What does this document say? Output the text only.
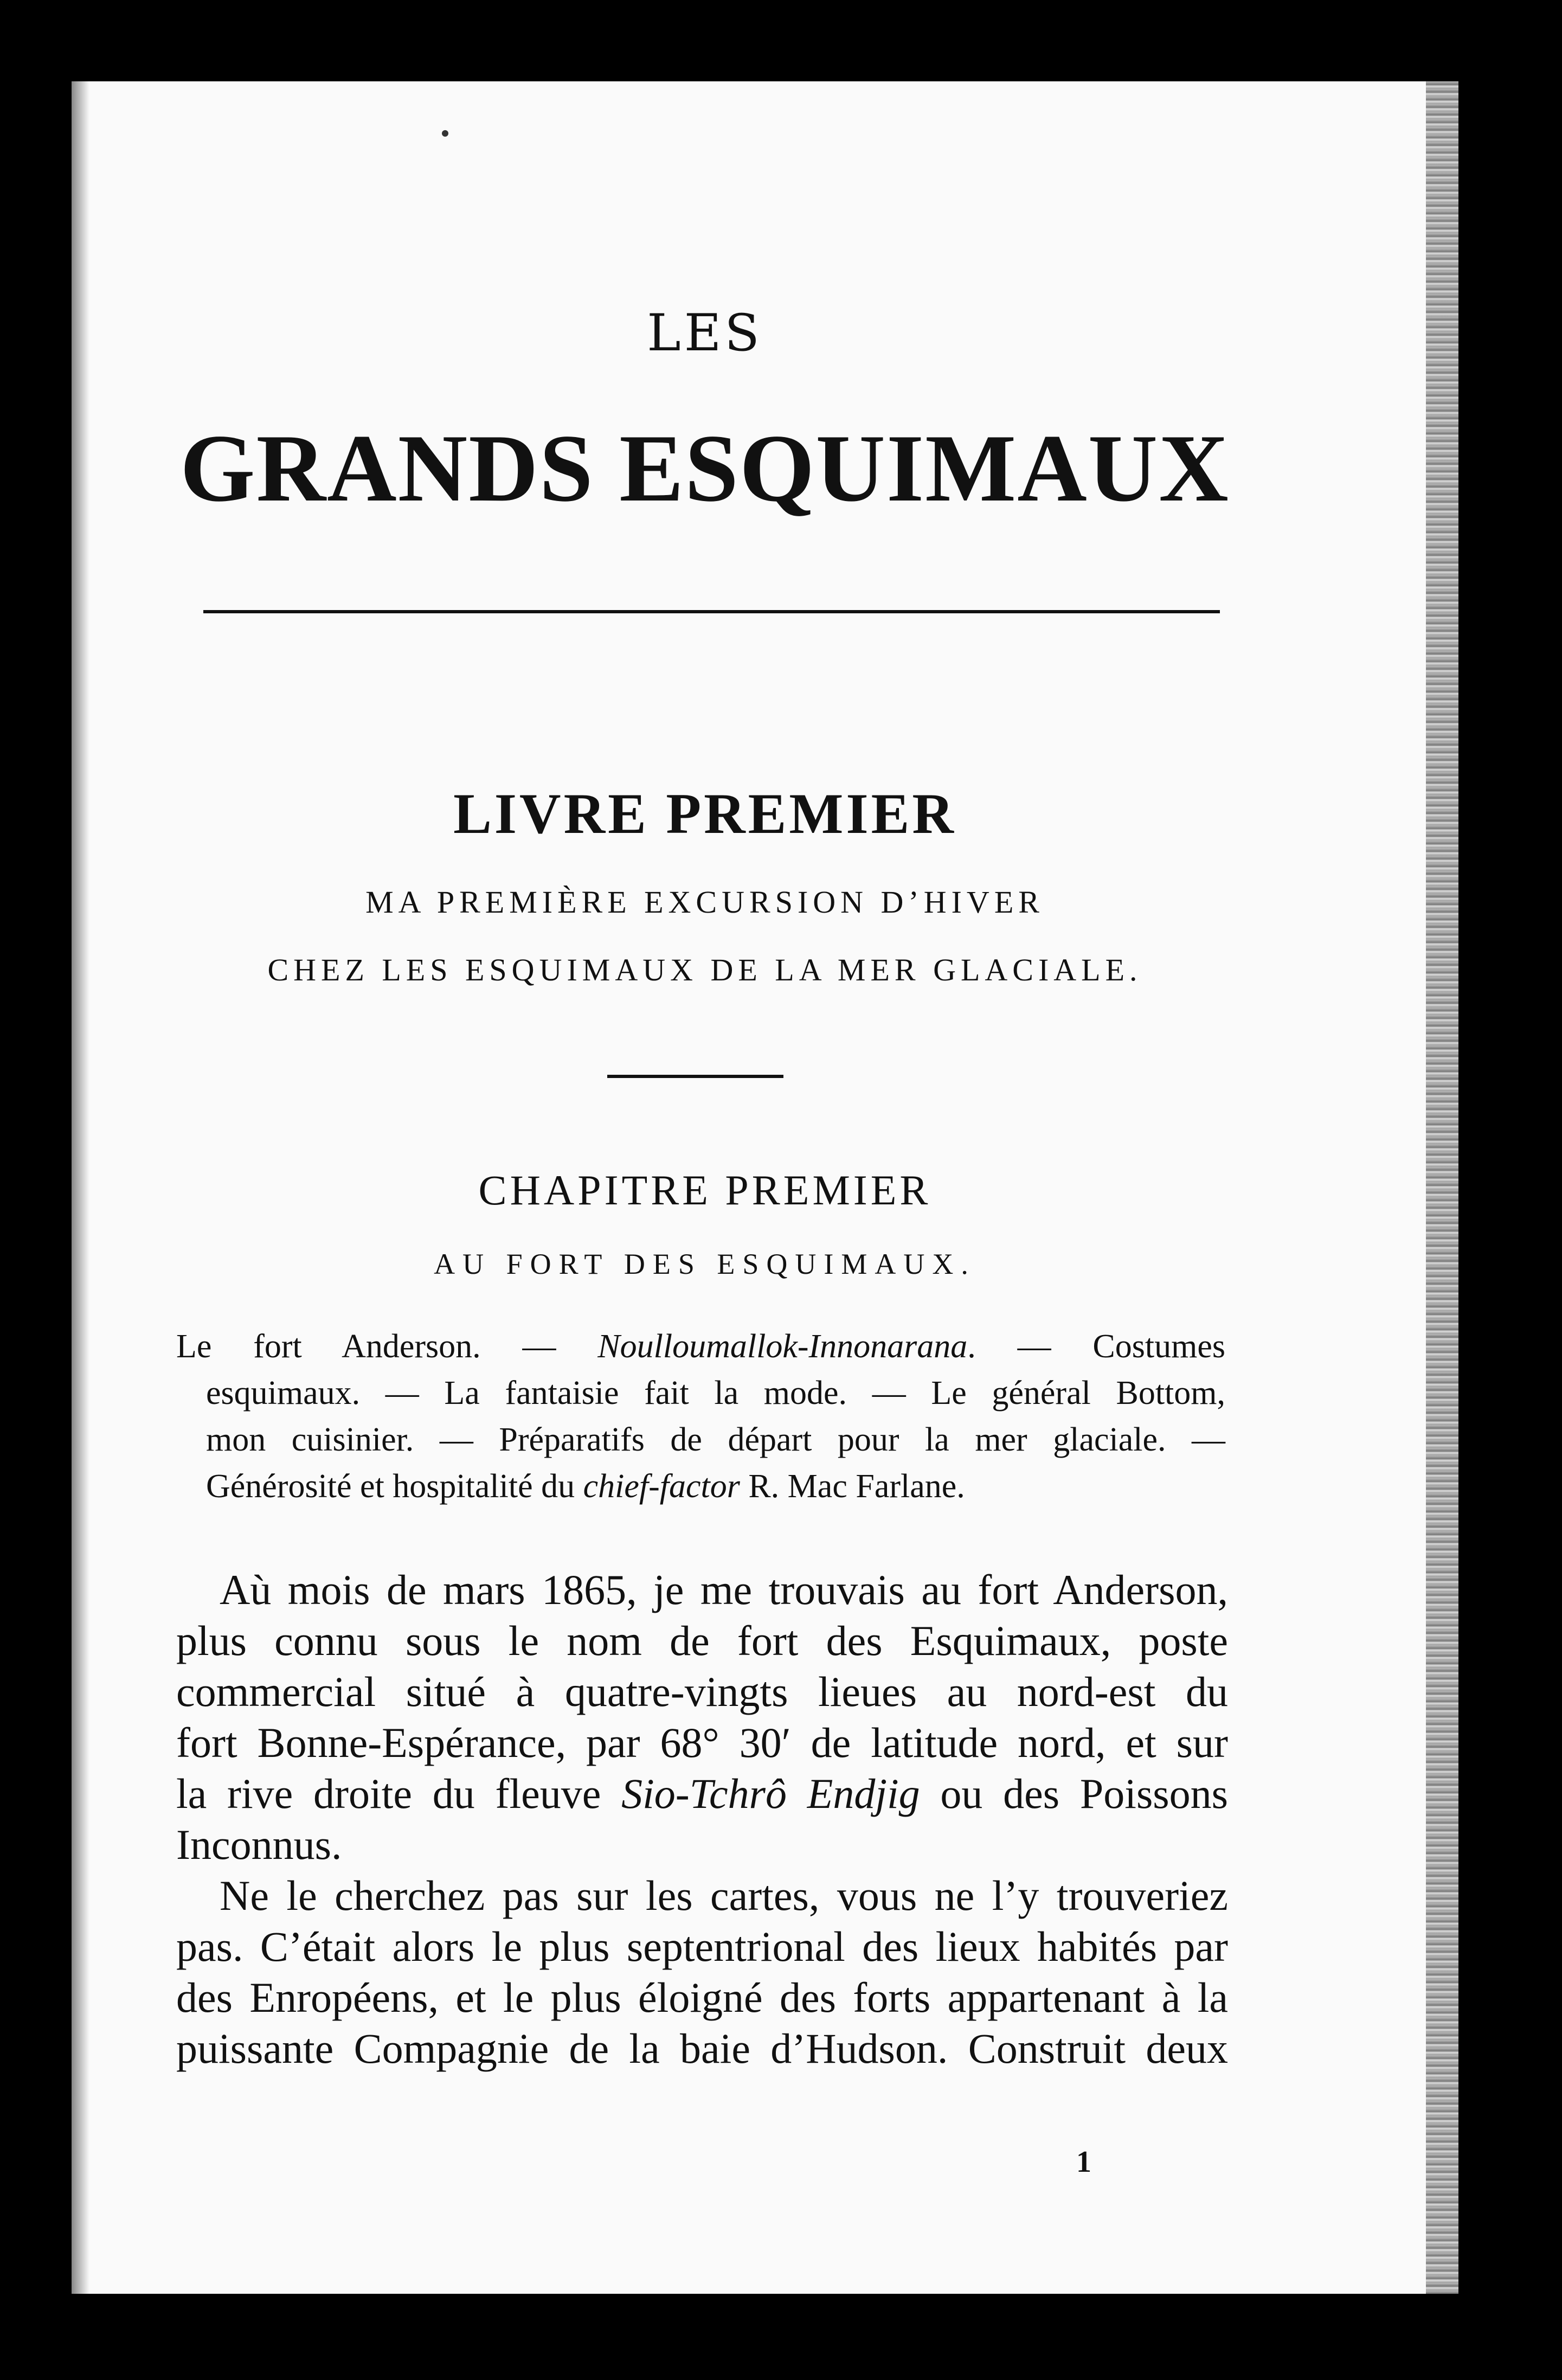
LES
GRANDS ESQUIMAUX
LIVRE PREMIER
MA PREMIÈRE EXCURSION D’HIVER
CHEZ LES ESQUIMAUX DE LA MER GLACIALE.
CHAPITRE PREMIER
AU FORT DES ESQUIMAUX.
Le fort Anderson. — Noulloumallok-Innonarana. — Costumes
esquimaux. — La fantaisie fait la mode. — Le général Bottom,
mon cuisinier. — Préparatifs de départ pour la mer glaciale. —
Générosité et hospitalité du chief-factor R. Mac Farlane.
Aù mois de mars 1865, je me trouvais au fort Anderson,
plus connu sous le nom de fort des Esquimaux, poste
commercial situé à quatre-vingts lieues au nord-est du
fort Bonne-Espérance, par 68° 30′ de latitude nord, et sur
la rive droite du fleuve Sio-Tchrô Endjig ou des Poissons
Inconnus.
Ne le cherchez pas sur les cartes, vous ne l’y trouveriez
pas. C’était alors le plus septentrional des lieux habités par
des Enropéens, et le plus éloigné des forts appartenant à la
puissante Compagnie de la baie d’Hudson. Construit deux
1
